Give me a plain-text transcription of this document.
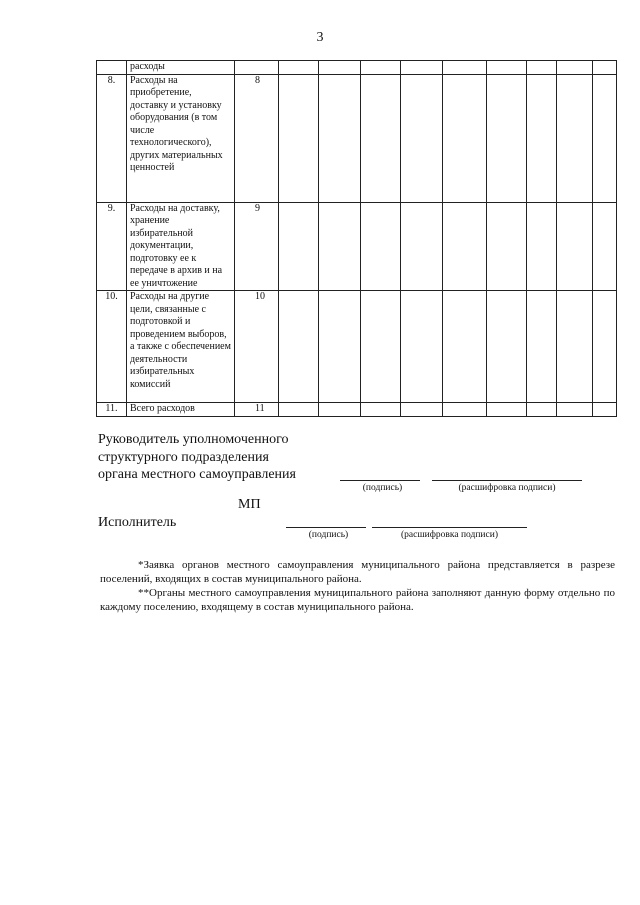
3
	расходы										
8.	Расходы на приобретение, доставку и установку оборудования (в том числе технологического), других материальных ценностей	8									
9.	Расходы на доставку, хранение избирательной документации, подготовку ее к передаче в архив и на ее уничтожение	9									
10.	Расходы на другие цели, связанные с подготовкой и проведением выборов, а также с обеспечением деятельности избирательных комиссий	10									
11.	Всего расходов	11									
Руководитель уполномоченного
структурного подразделения
органа местного самоуправления
(подпись)	(расшифровка подписи)
МП
Исполнитель
(подпись)	(расшифровка подписи)
*Заявка органов местного самоуправления муниципального района представляется в разрезе поселений, входящих в состав муниципального района.
**Органы местного самоуправления муниципального района заполняют данную форму отдельно по каждому поселению, входящему в состав муниципального района.
